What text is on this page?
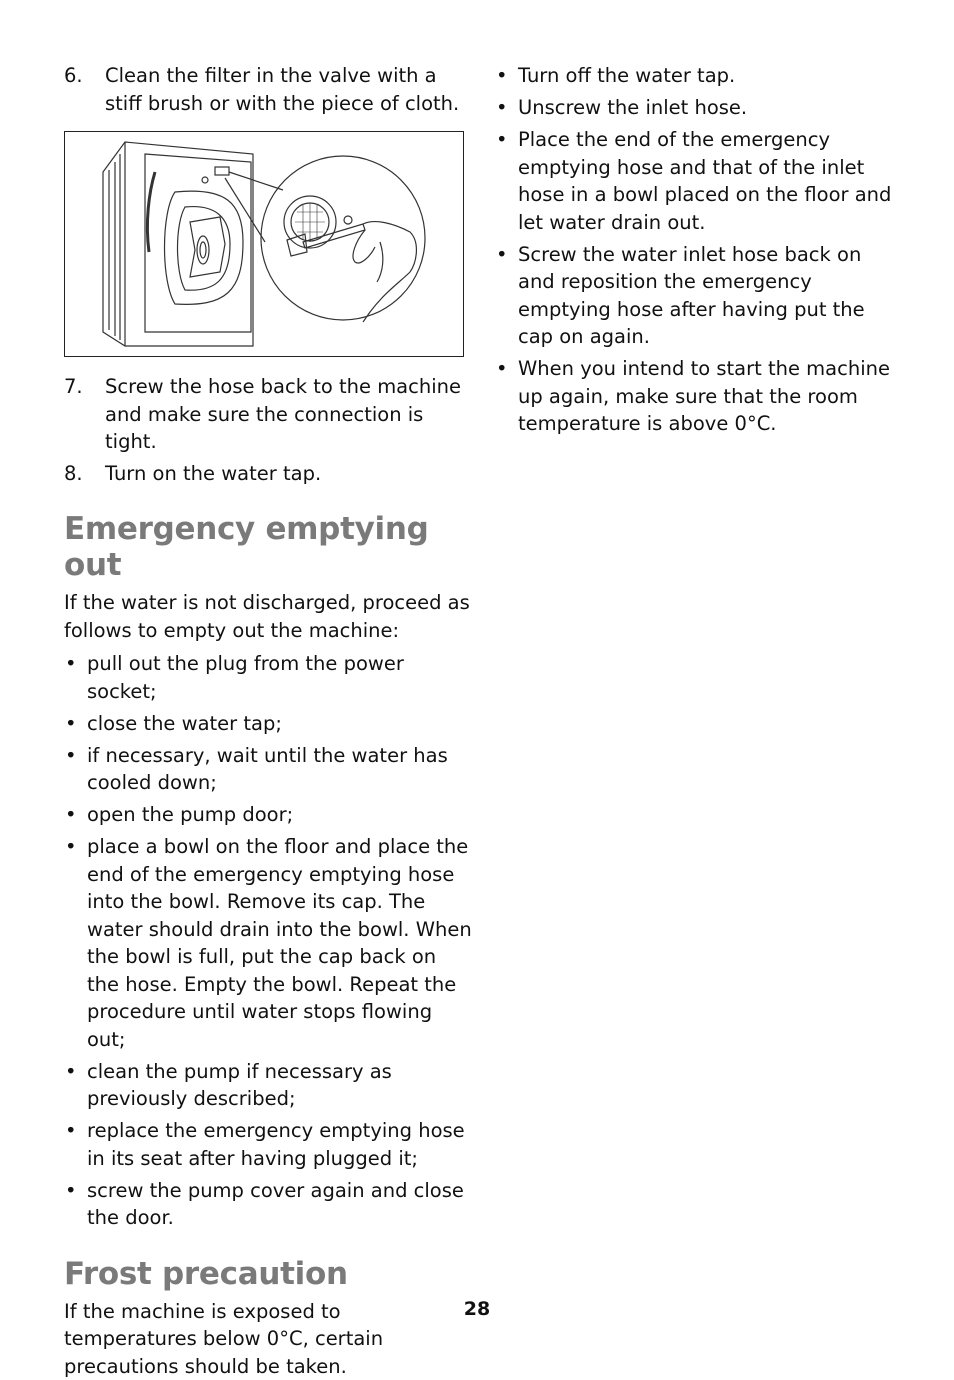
6. Clean the filter in the valve with a stiff brush or with the piece of cloth.
7. Screw the hose back to the machine and make sure the connection is tight.
8. Turn on the water tap.
Emergency emptying out

If the water is not discharged, proceed as follows to empty out the machine:

• pull out the plug from the power socket;
• close the water tap;
• if necessary, wait until the water has cooled down;
• open the pump door;
• place a bowl on the floor and place the end of the emergency emptying hose into the bowl. Remove its cap. The water should drain into the bowl. When the bowl is full, put the cap back on the hose. Empty the bowl. Repeat the procedure until water stops flowing out;
• clean the pump if necessary as previously described;
• replace the emergency emptying hose in its seat after having plugged it;
• screw the pump cover again and close the door.
Frost precaution

If the machine is exposed to temperatures below 0°C, certain precautions should be taken.

• Turn off the water tap.
• Unscrew the inlet hose.
• Place the end of the emergency emptying hose and that of the inlet hose in a bowl placed on the floor and let water drain out.
• Screw the water inlet hose back on and reposition the emergency emptying hose after having put the cap on again.
• When you intend to start the machine up again, make sure that the room temperature is above 0°C.
28
